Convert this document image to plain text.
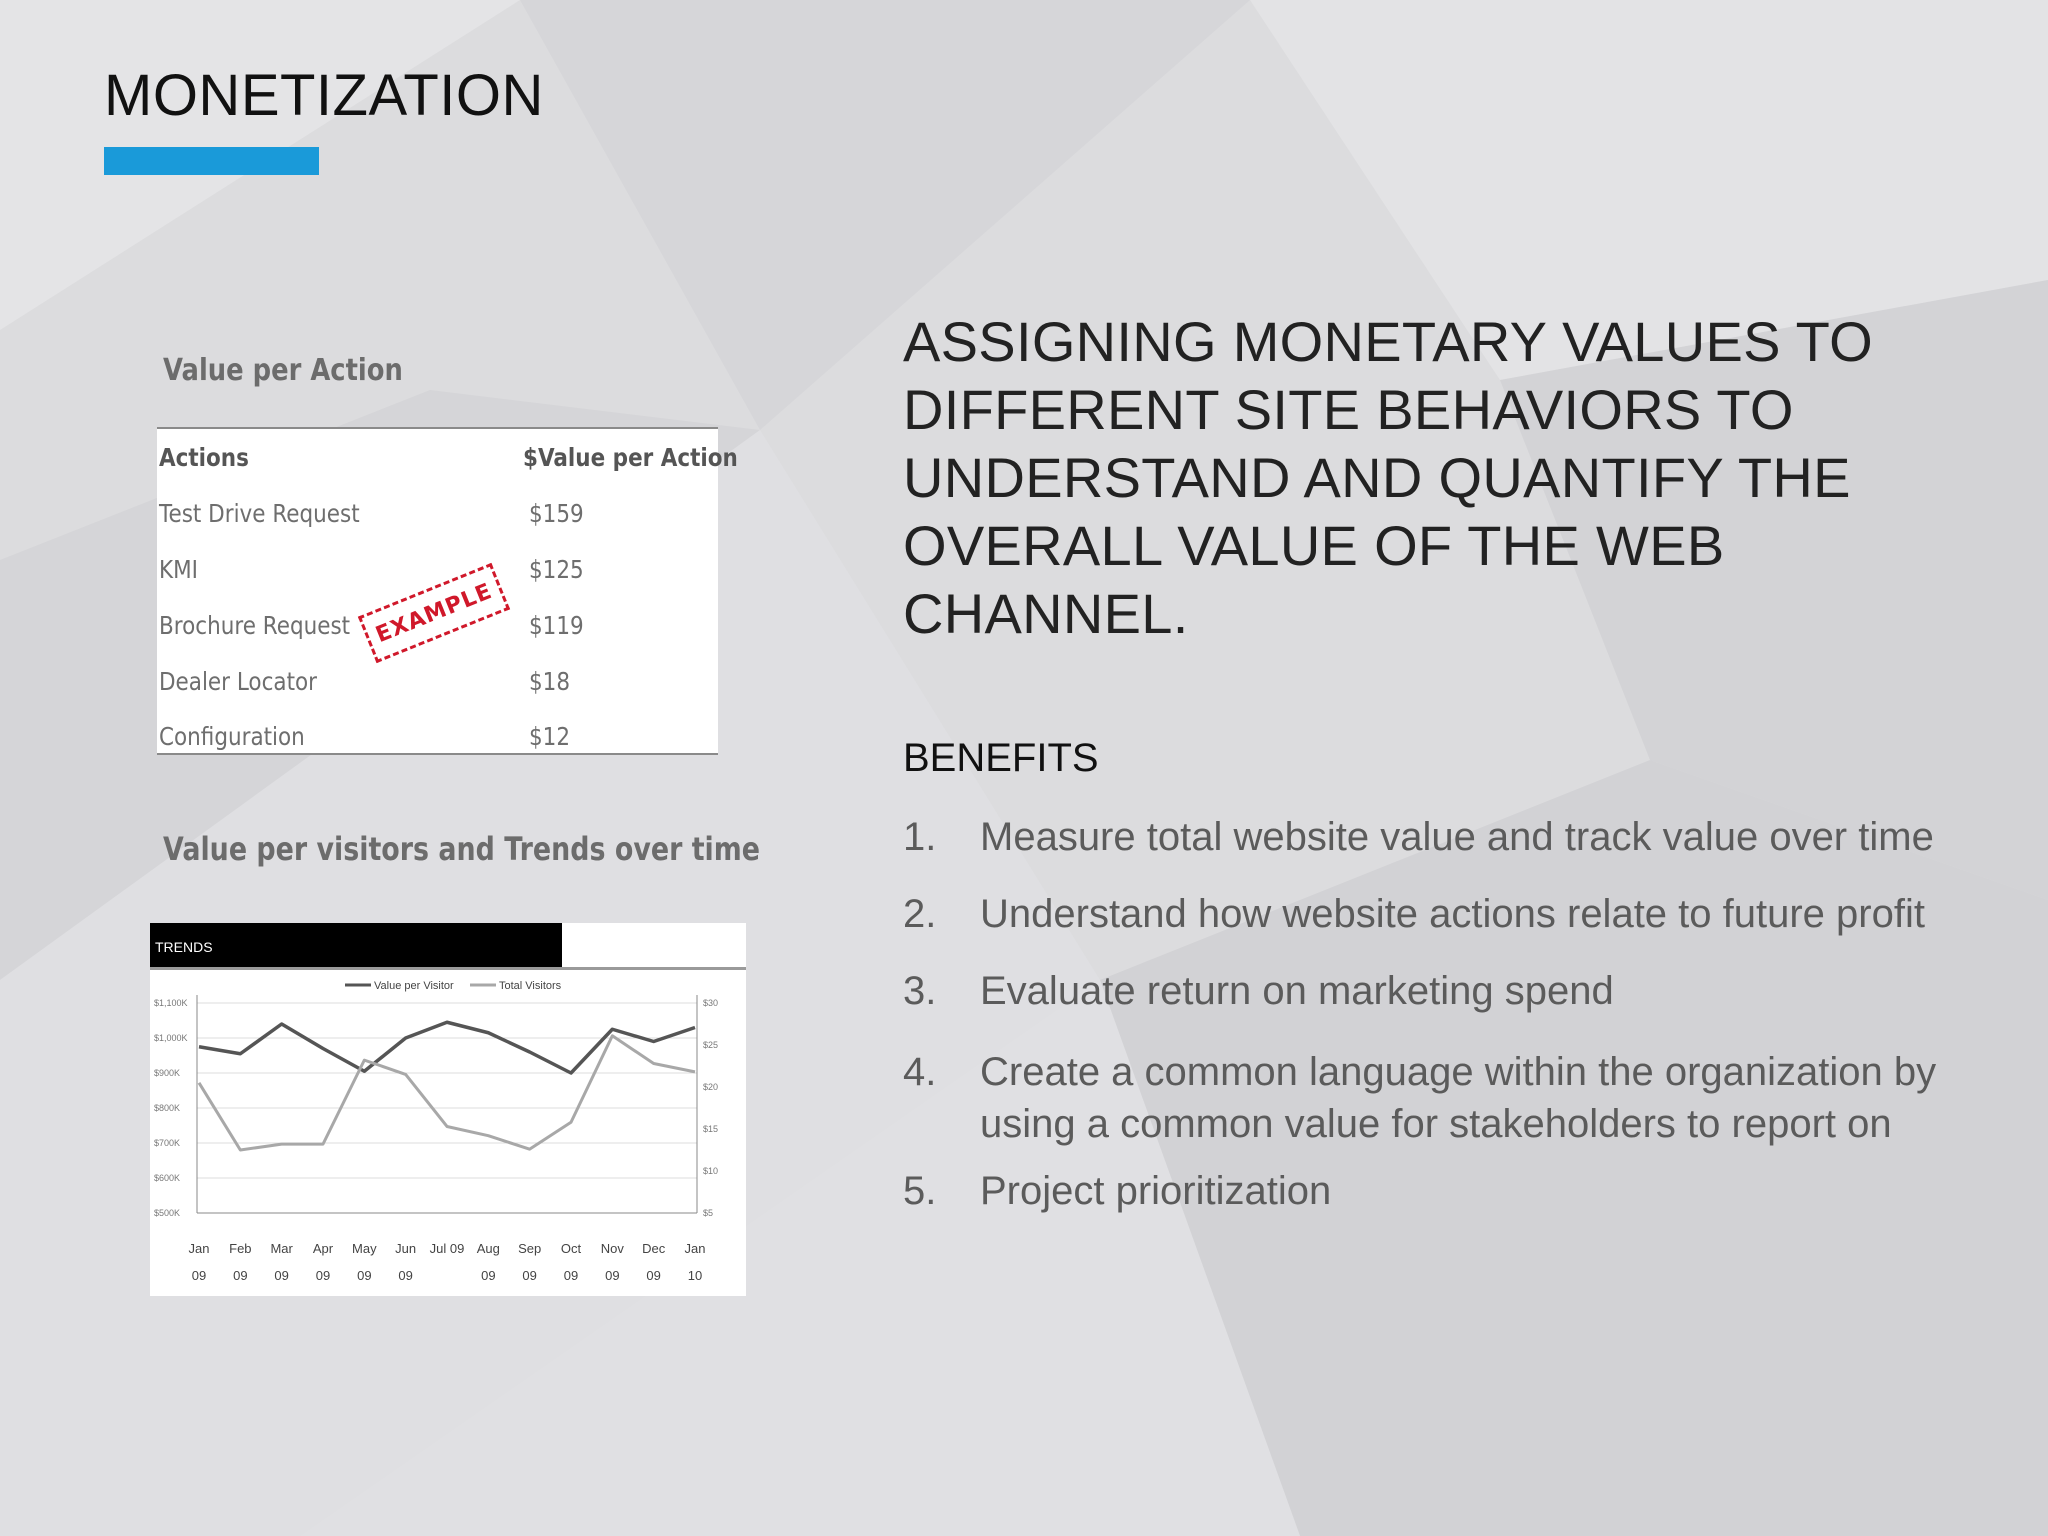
MONETIZATION
Value per Action
Actions	$Value per Action
Test Drive Request	$159
KMI	$125
Brochure Request	$119
Dealer Locator	$18
Configuration	$12
EXAMPLE
Value per visitors and Trends over time
TRENDS
$1,100K
$1,000K
$900K
$800K
$700K
$600K
$500K
$30
$25
$20
$15
$10
$5
Jan
09
Feb
09
Mar
09
Apr
09
May
09
Jun
09
Jul 09 Aug
09
Sep
09
Oct
09
Nov
09
Dec
09
Jan
10
Value per Visitor	Total Visitors
ASSIGNING MONETARY VALUES TO DIFFERENT SITE BEHAVIORS TO UNDERSTAND AND QUANTIFY THE OVERALL VALUE OF THE WEB CHANNEL.
BENEFITS
1. Measure total website value and track value over time
2. Understand how website actions relate to future profit
3. Evaluate return on marketing spend
4. Create a common language within the organization by using a common value for stakeholders to report on
5. Project prioritization
